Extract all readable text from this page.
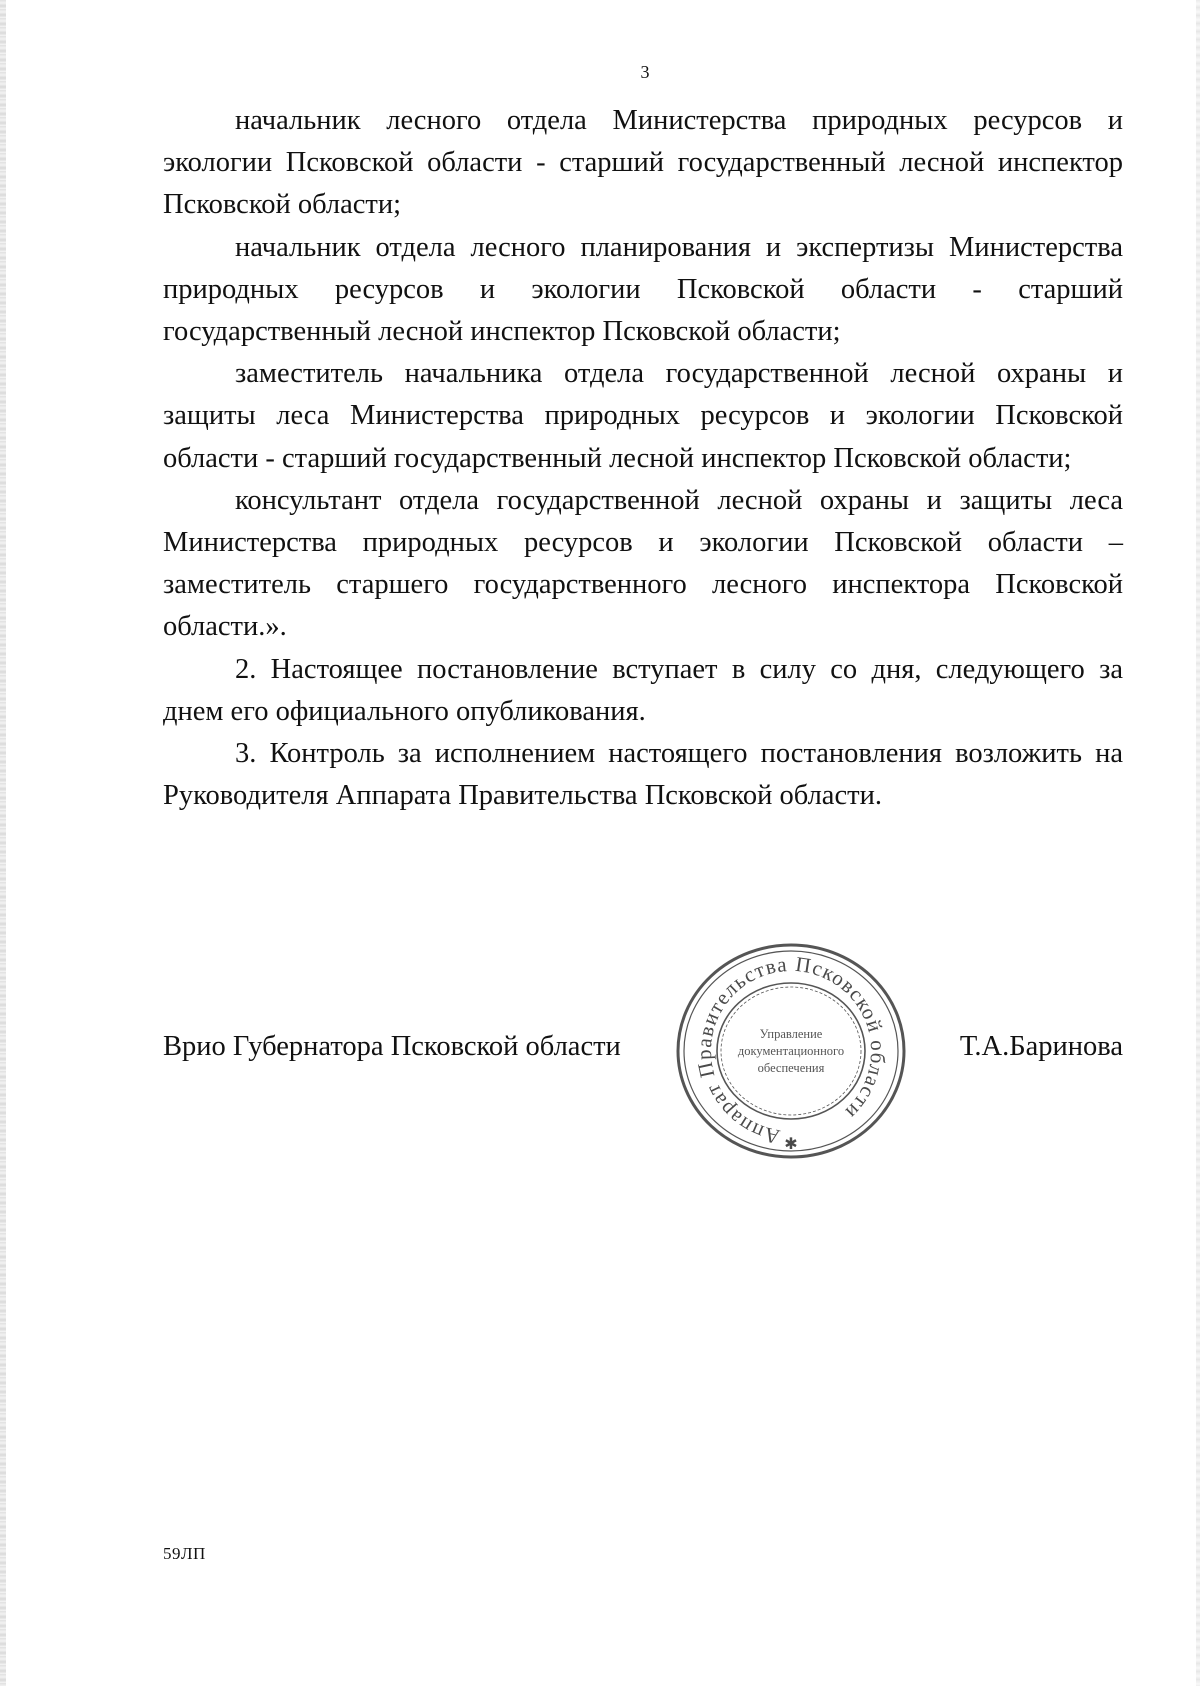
3

начальник лесного отдела Министерства природных ресурсов и экологии Псковской области - старший государственный лесной инспектор Псковской области;

начальник отдела лесного планирования и экспертизы Министерства природных ресурсов и экологии Псковской области - старший государственный лесной инспектор Псковской области;

заместитель начальника отдела государственной лесной охраны и защиты леса Министерства природных ресурсов и экологии Псковской области - старший государственный лесной инспектор Псковской области;

консультант отдела государственной лесной охраны и защиты леса Министерства природных ресурсов и экологии Псковской области – заместитель старшего государственного лесного инспектора Псковской области.».

2. Настоящее постановление вступает в силу со дня, следующего за днем его официального опубликования.

3. Контроль за исполнением настоящего постановления возложить на Руководителя Аппарата Правительства Псковской области.

Врио Губернатора Псковской области	Т.А.Баринова
Аппарат Правительства Псковской области
✱
Управление
документационного
обеспечения
59ЛП
